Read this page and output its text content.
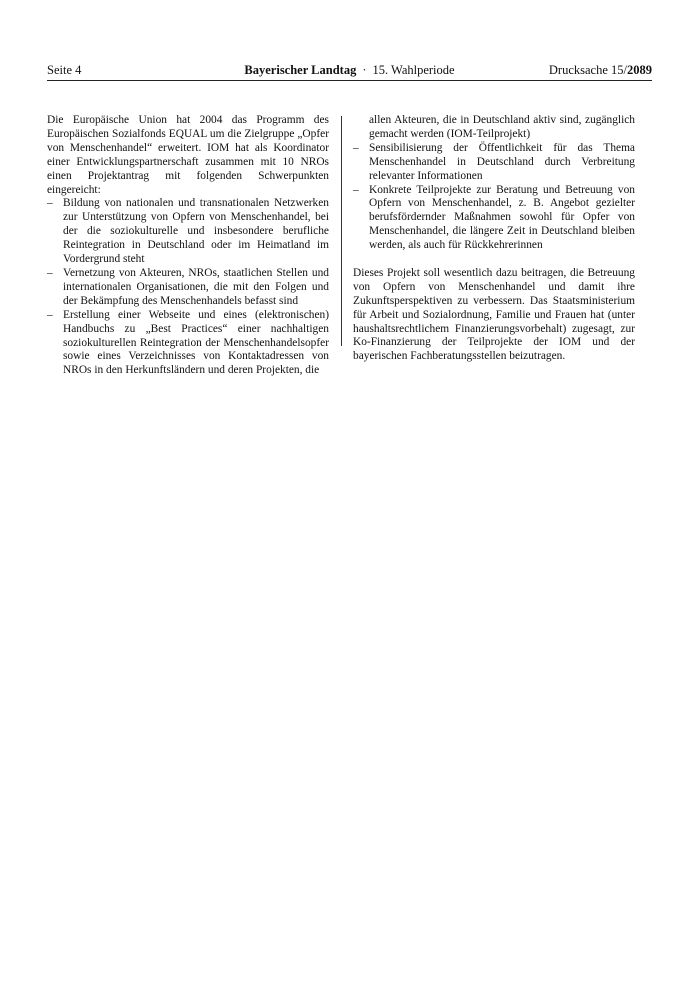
Seite 4	Bayerischer Landtag · 15. Wahlperiode	Drucksache 15/2089

Die Europäische Union hat 2004 das Programm des Europäischen Sozialfonds EQUAL um die Zielgruppe „Opfer von Menschenhandel“ erweitert. IOM hat als Koordinator einer Entwicklungspartnerschaft zusammen mit 10 NROs einen Projektantrag mit folgenden Schwerpunkten eingereicht:

– Bildung von nationalen und transnationalen Netzwerken zur Unterstützung von Opfern von Menschenhandel, bei der die soziokulturelle und insbesondere berufliche Reintegration in Deutschland oder im Heimatland im Vordergrund steht
– Vernetzung von Akteuren, NROs, staatlichen Stellen und internationalen Organisationen, die mit den Folgen und der Bekämpfung des Menschenhandels befasst sind
– Erstellung einer Webseite und eines (elektronischen) Handbuchs zu „Best Practices“ einer nachhaltigen soziokulturellen Reintegration der Menschenhandelsopfer sowie eines Verzeichnisses von Kontaktadressen von NROs in den Herkunftsländern und deren Projekten, die
allen Akteuren, die in Deutschland aktiv sind, zugänglich gemacht werden (IOM-Teilprojekt)
– Sensibilisierung der Öffentlichkeit für das Thema Menschenhandel in Deutschland durch Verbreitung relevanter Informationen
– Konkrete Teilprojekte zur Beratung und Betreuung von Opfern von Menschenhandel, z. B. Angebot gezielter berufsfördernder Maßnahmen sowohl für Opfer von Menschenhandel, die längere Zeit in Deutschland bleiben werden, als auch für Rückkehrerinnen

Dieses Projekt soll wesentlich dazu beitragen, die Betreuung von Opfern von Menschenhandel und damit ihre Zukunftsperspektiven zu verbessern. Das Staatsministerium für Arbeit und Sozialordnung, Familie und Frauen hat (unter haushaltsrechtlichem Finanzierungsvorbehalt) zugesagt, zur Ko-Finanzierung der Teilprojekte der IOM und der bayerischen Fachberatungsstellen beizutragen.
